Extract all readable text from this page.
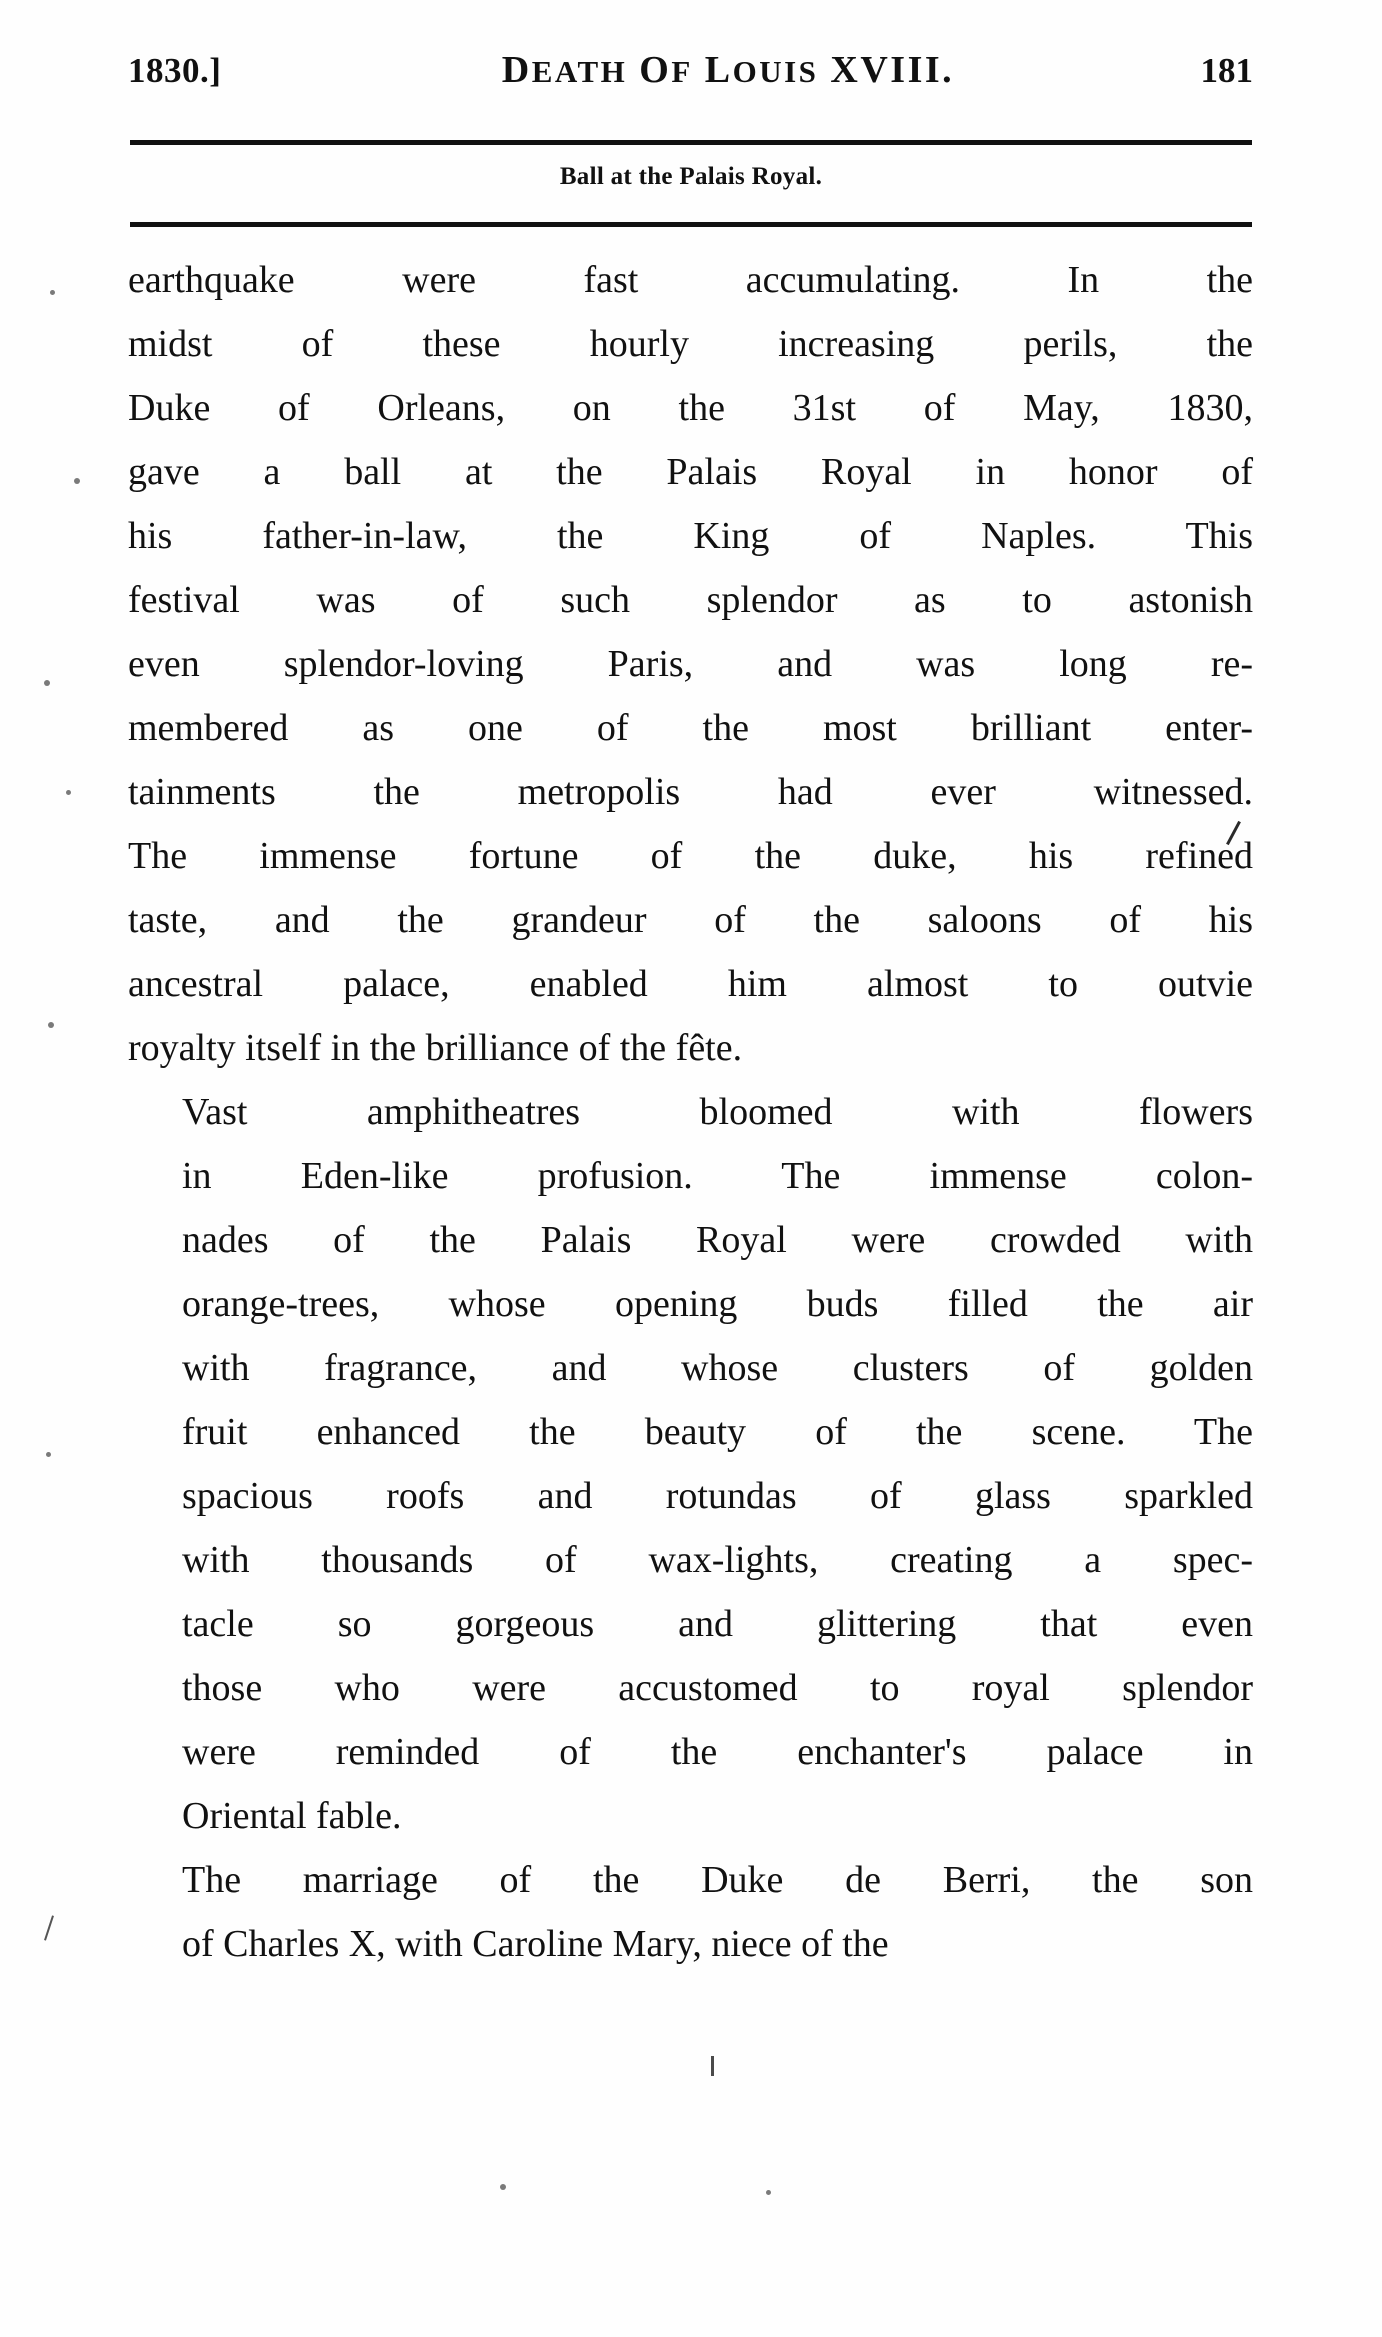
1830.]	DEATH OF LOUIS XVIII.	181
Ball at the Palais Royal.

earthquake were fast accumulating. In the
midst of these hourly increasing perils, the
Duke of Orleans, on the 31st of May, 1830,
gave a ball at the Palais Royal in honor of
his father-in-law, the King of Naples. This
festival was of such splendor as to astonish
even splendor-loving Paris, and was long re-
membered as one of the most brilliant enter-
tainments the metropolis had ever witnessed.
The immense fortune of the duke, his refined
taste, and the grandeur of the saloons of his
ancestral palace, enabled him almost to outvie
royalty itself in the brilliance of the fête.

Vast amphitheatres bloomed with flowers
in Eden-like profusion. The immense colon-
nades of the Palais Royal were crowded with
orange-trees, whose opening buds filled the air
with fragrance, and whose clusters of golden
fruit enhanced the beauty of the scene. The
spacious roofs and rotundas of glass sparkled
with thousands of wax-lights, creating a spec-
tacle so gorgeous and glittering that even
those who were accustomed to royal splendor
were reminded of the enchanter's palace in
Oriental fable.

The marriage of the Duke de Berri, the son
of Charles X, with Caroline Mary, niece of the
